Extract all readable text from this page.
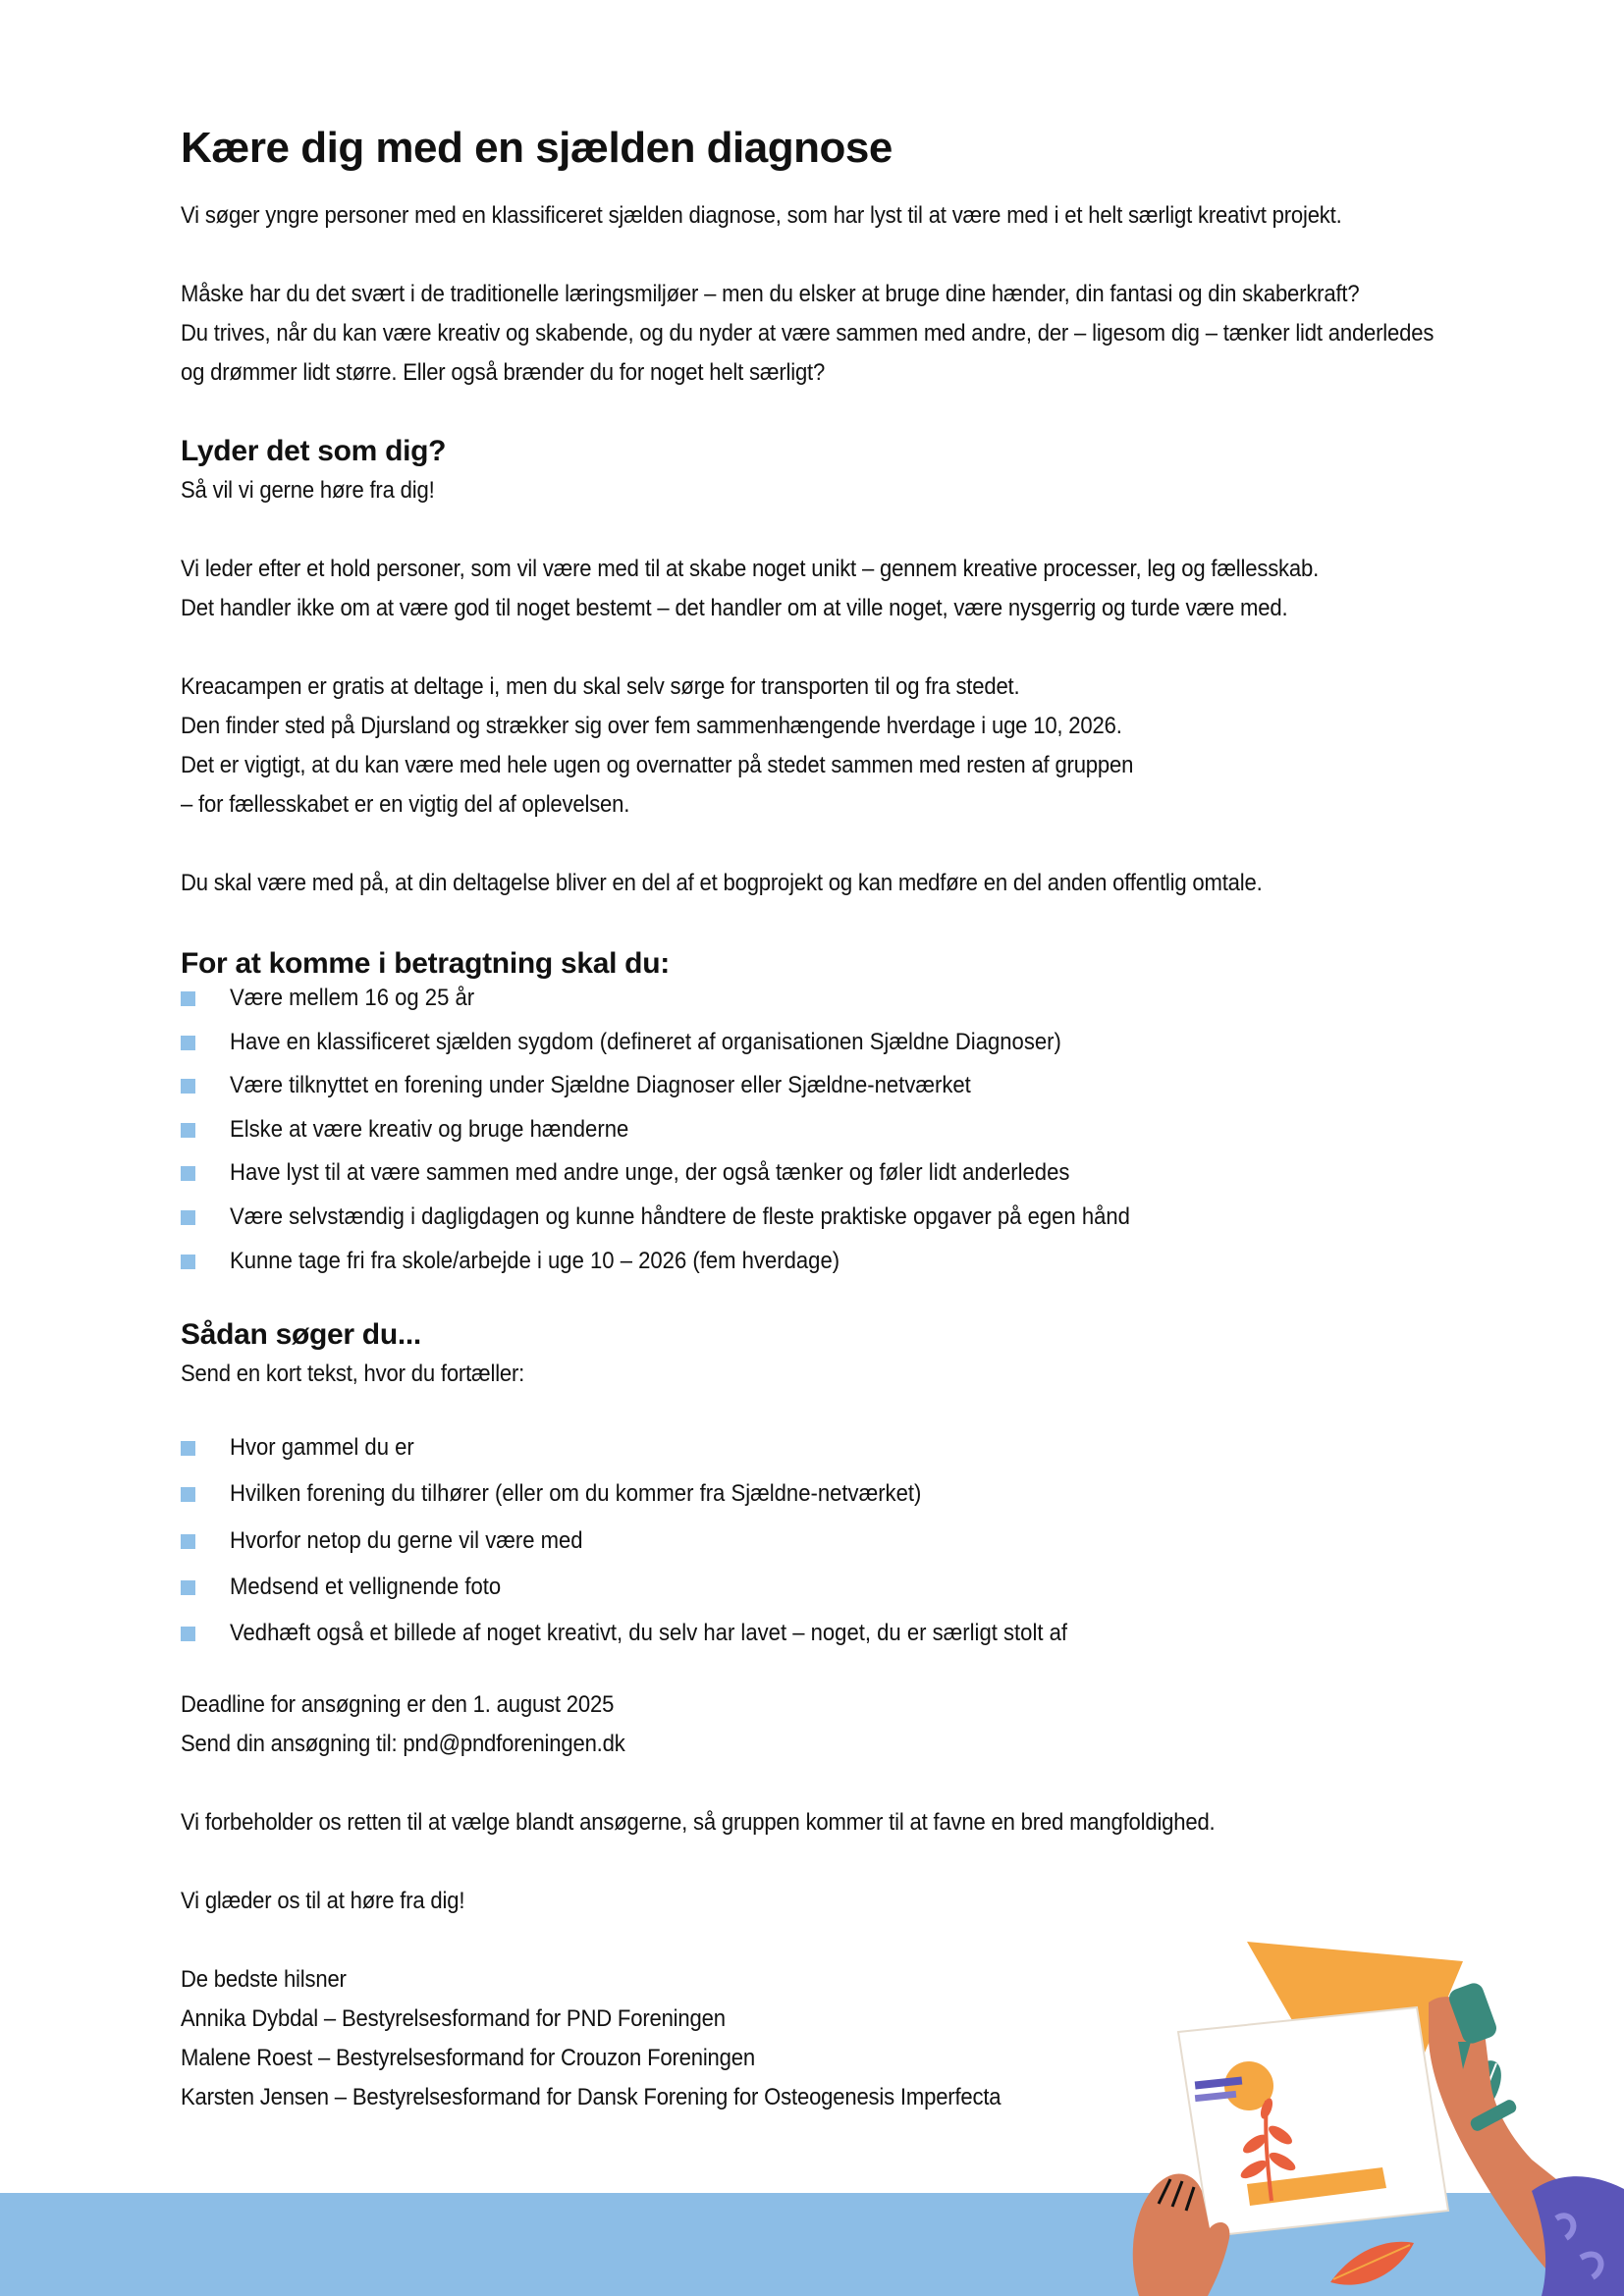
Kære dig med en sjælden diagnose

Vi søger yngre personer med en klassificeret sjælden diagnose, som har lyst til at være med i et helt særligt kreativt projekt.

Måske har du det svært i de traditionelle læringsmiljøer – men du elsker at bruge dine hænder, din fantasi og din skaberkraft?

Du trives, når du kan være kreativ og skabende, og du nyder at være sammen med andre, der – ligesom dig – tænker lidt anderledes

og drømmer lidt større. Eller også brænder du for noget helt særligt?

Lyder det som dig?

Så vil vi gerne høre fra dig!

Vi leder efter et hold personer, som vil være med til at skabe noget unikt – gennem kreative processer, leg og fællesskab.

Det handler ikke om at være god til noget bestemt – det handler om at ville noget, være nysgerrig og turde være med.

Kreacampen er gratis at deltage i, men du skal selv sørge for transporten til og fra stedet.

Den finder sted på Djursland og strækker sig over fem sammenhængende hverdage i uge 10, 2026.

Det er vigtigt, at du kan være med hele ugen og overnatter på stedet sammen med resten af gruppen

– for fællesskabet er en vigtig del af oplevelsen.

Du skal være med på, at din deltagelse bliver en del af et bogprojekt og kan medføre en del anden offentlig omtale.

For at komme i betragtning skal du:
Være mellem 16 og 25 år
Have en klassificeret sjælden sygdom (defineret af organisationen Sjældne Diagnoser)
Være tilknyttet en forening under Sjældne Diagnoser eller Sjældne-netværket
Elske at være kreativ og bruge hænderne
Have lyst til at være sammen med andre unge, der også tænker og føler lidt anderledes
Være selvstændig i dagligdagen og kunne håndtere de fleste praktiske opgaver på egen hånd
Kunne tage fri fra skole/arbejde i uge 10 – 2026 (fem hverdage)
Sådan søger du...

Send en kort tekst, hvor du fortæller:

Hvor gammel du er
Hvilken forening du tilhører (eller om du kommer fra Sjældne-netværket)
Hvorfor netop du gerne vil være med
Medsend et vellignende foto
Vedhæft også et billede af noget kreativt, du selv har lavet – noget, du er særligt stolt af

Deadline for ansøgning er den 1. august 2025

Send din ansøgning til: pnd@pndforeningen.dk

Vi forbeholder os retten til at vælge blandt ansøgerne, så gruppen kommer til at favne en bred mangfoldighed.

Vi glæder os til at høre fra dig!

De bedste hilsner

Annika Dybdal – Bestyrelsesformand for PND Foreningen

Malene Roest – Bestyrelsesformand for Crouzon Foreningen

Karsten Jensen – Bestyrelsesformand for Dansk Forening for Osteogenesis Imperfecta
